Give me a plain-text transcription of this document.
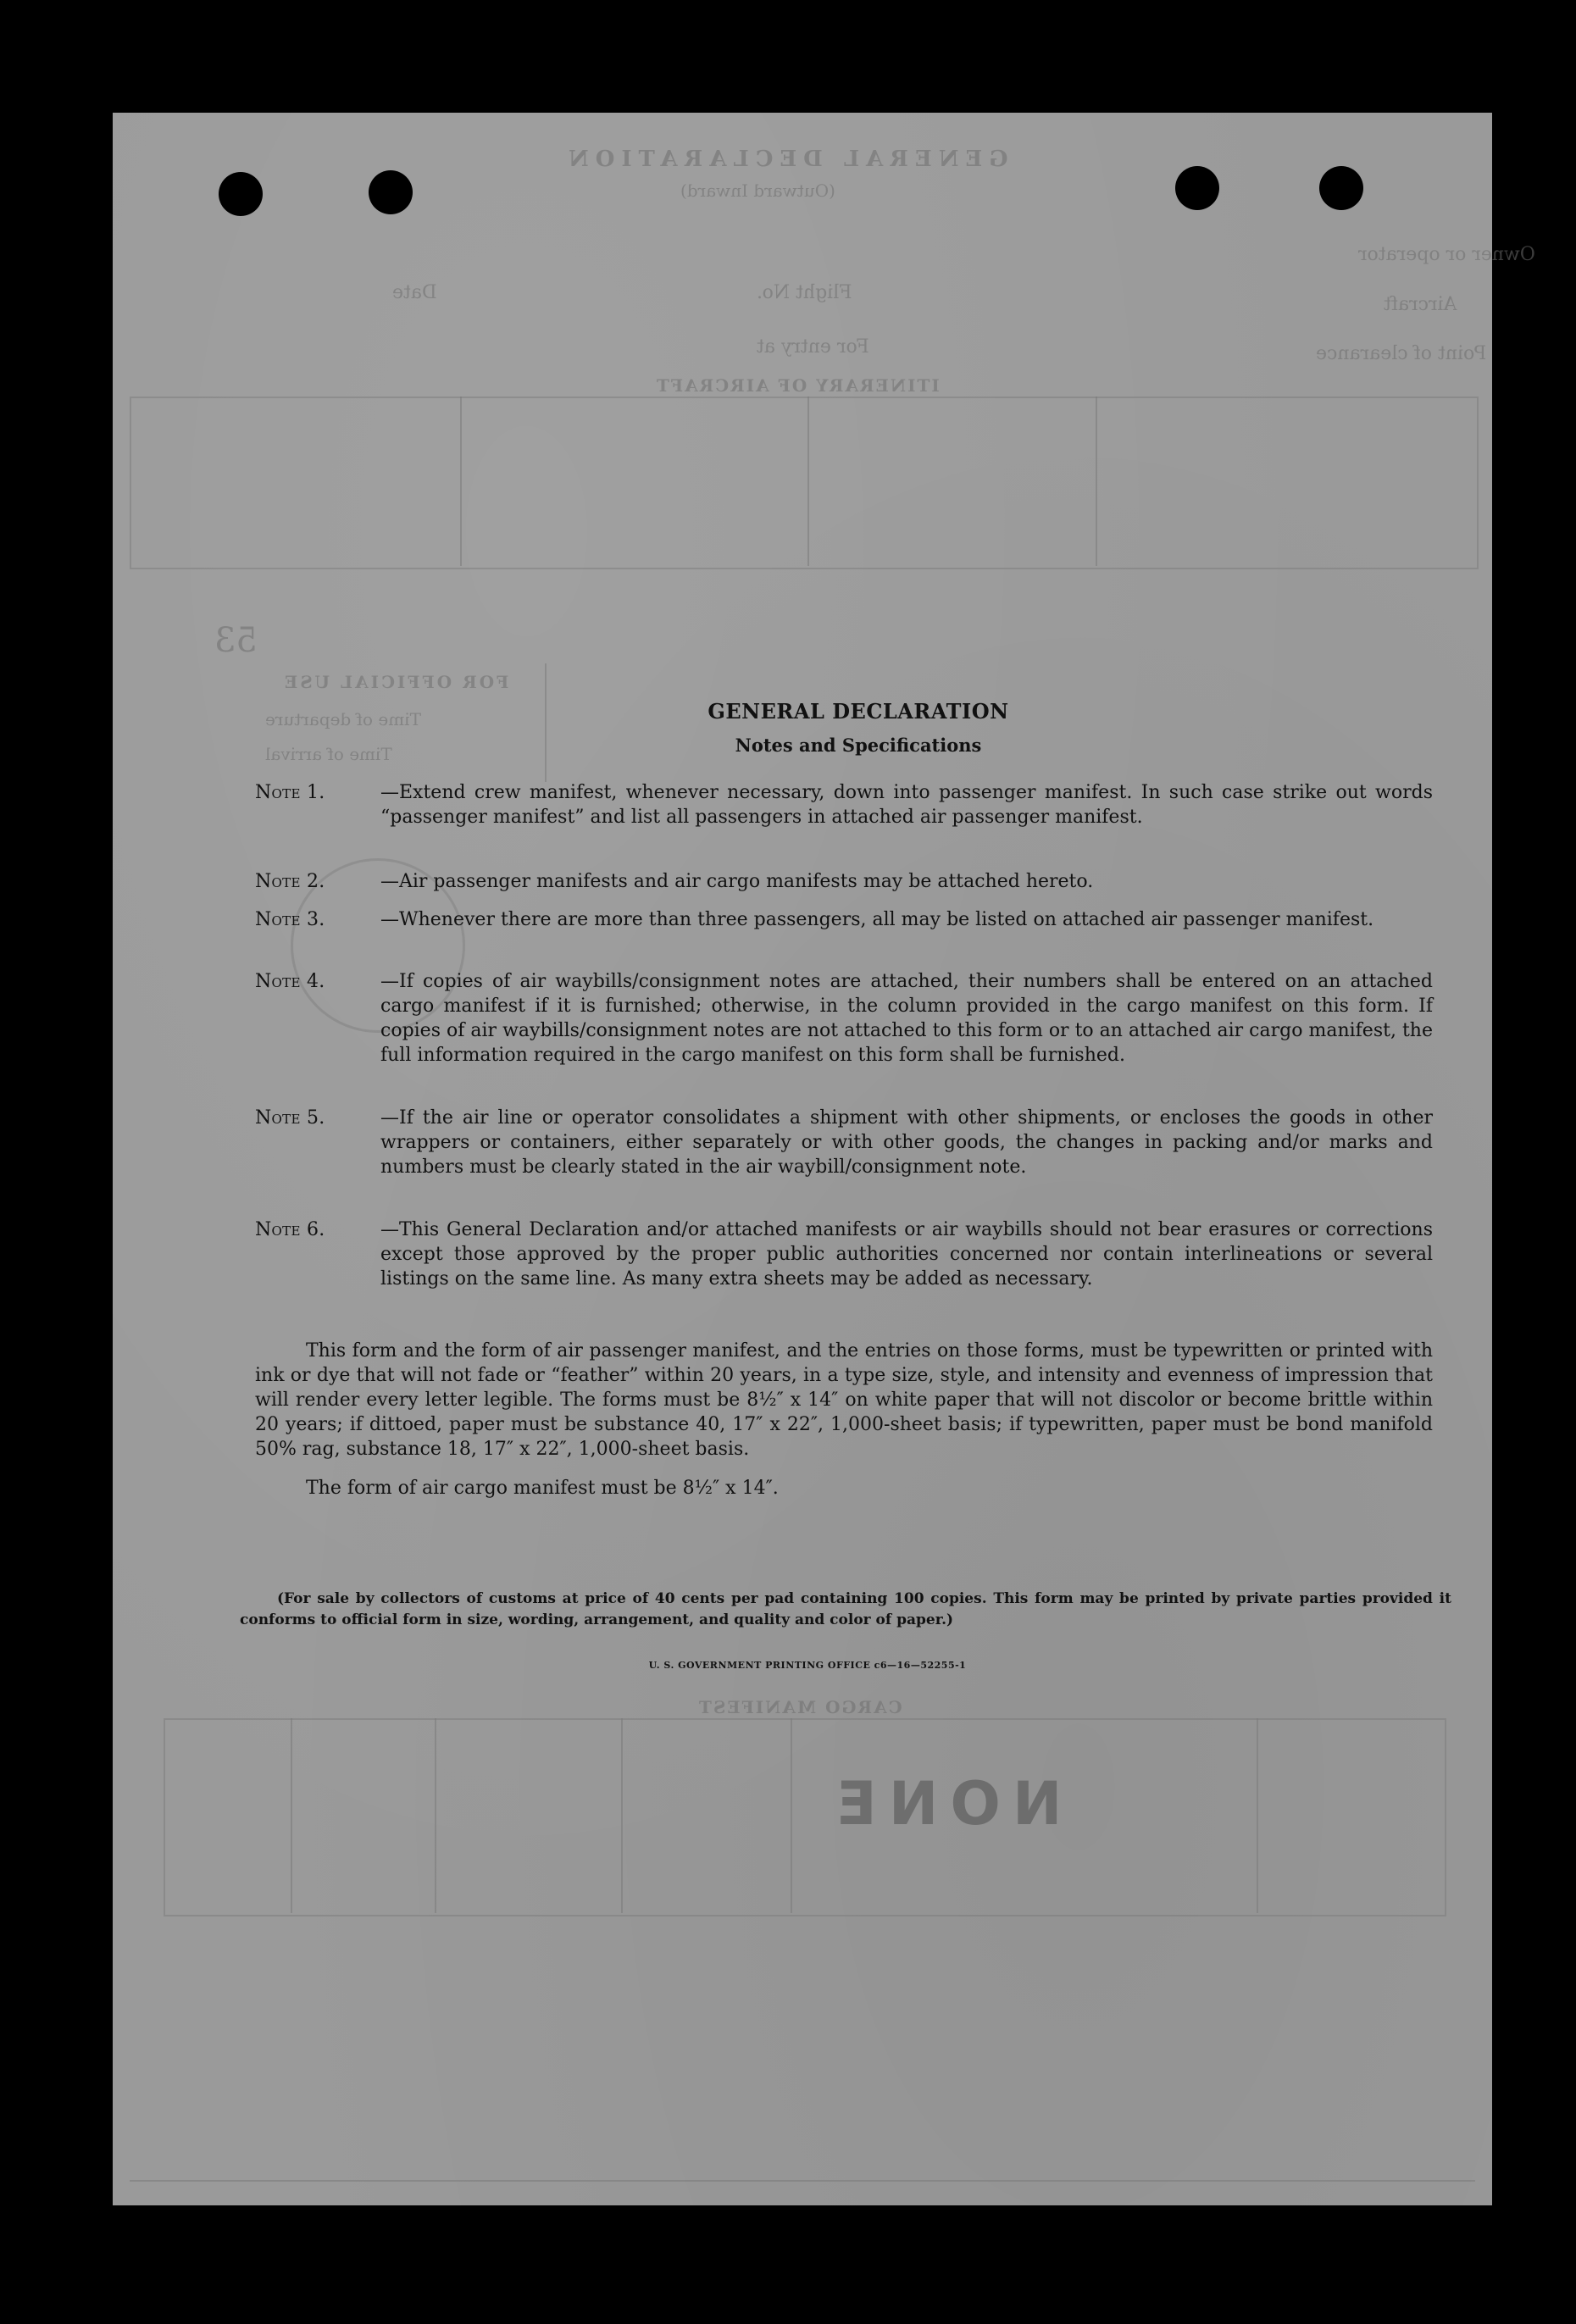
GENERAL DECLARATION
(Outward Inward)
Owner or operator
Aircraft
Flight No.
Date
Point of clearance
For entry at
ITINERARY OF AIRCRAFT
53
FOR OFFICIAL USE
Time of departure
Time of arrival
CARGO MANIFEST
NONE
GENERAL DECLARATION
Notes and Specifications
Note 1.	—Extend crew manifest, whenever necessary, down into passenger manifest. In such case strike out words “passenger manifest” and list all passengers in attached air passenger manifest.
Note 2.	—Air passenger manifests and air cargo manifests may be attached hereto.
Note 3.	—Whenever there are more than three passengers, all may be listed on attached air passenger manifest.
Note 4.	—If copies of air waybills/consignment notes are attached, their numbers shall be entered on an attached cargo manifest if it is furnished; otherwise, in the column provided in the cargo manifest on this form. If copies of air waybills/consignment notes are not attached to this form or to an attached air cargo manifest, the full information required in the cargo manifest on this form shall be furnished.
Note 5.	—If the air line or operator consolidates a shipment with other shipments, or encloses the goods in other wrappers or containers, either separately or with other goods, the changes in packing and/or marks and numbers must be clearly stated in the air waybill/consignment note.
Note 6.	—This General Declaration and/or attached manifests or air waybills should not bear erasures or corrections except those approved by the proper public authorities concerned nor contain interlineations or several listings on the same line. As many extra sheets may be added as necessary.
This form and the form of air passenger manifest, and the entries on those forms, must be typewritten or printed with ink or dye that will not fade or “feather” within 20 years, in a type size, style, and intensity and evenness of impression that will render every letter legible. The forms must be 8½″ x 14″ on white paper that will not discolor or become brittle within 20 years; if dittoed, paper must be substance 40, 17″ x 22″, 1,000-sheet basis; if typewritten, paper must be bond manifold 50% rag, substance 18, 17″ x 22″, 1,000-sheet basis.
The form of air cargo manifest must be 8½″ x 14″.
(For sale by collectors of customs at price of 40 cents per pad containing 100 copies. This form may be printed by private parties provided it conforms to official form in size, wording, arrangement, and quality and color of paper.)
U. S. GOVERNMENT PRINTING OFFICE c6—16—52255-1
